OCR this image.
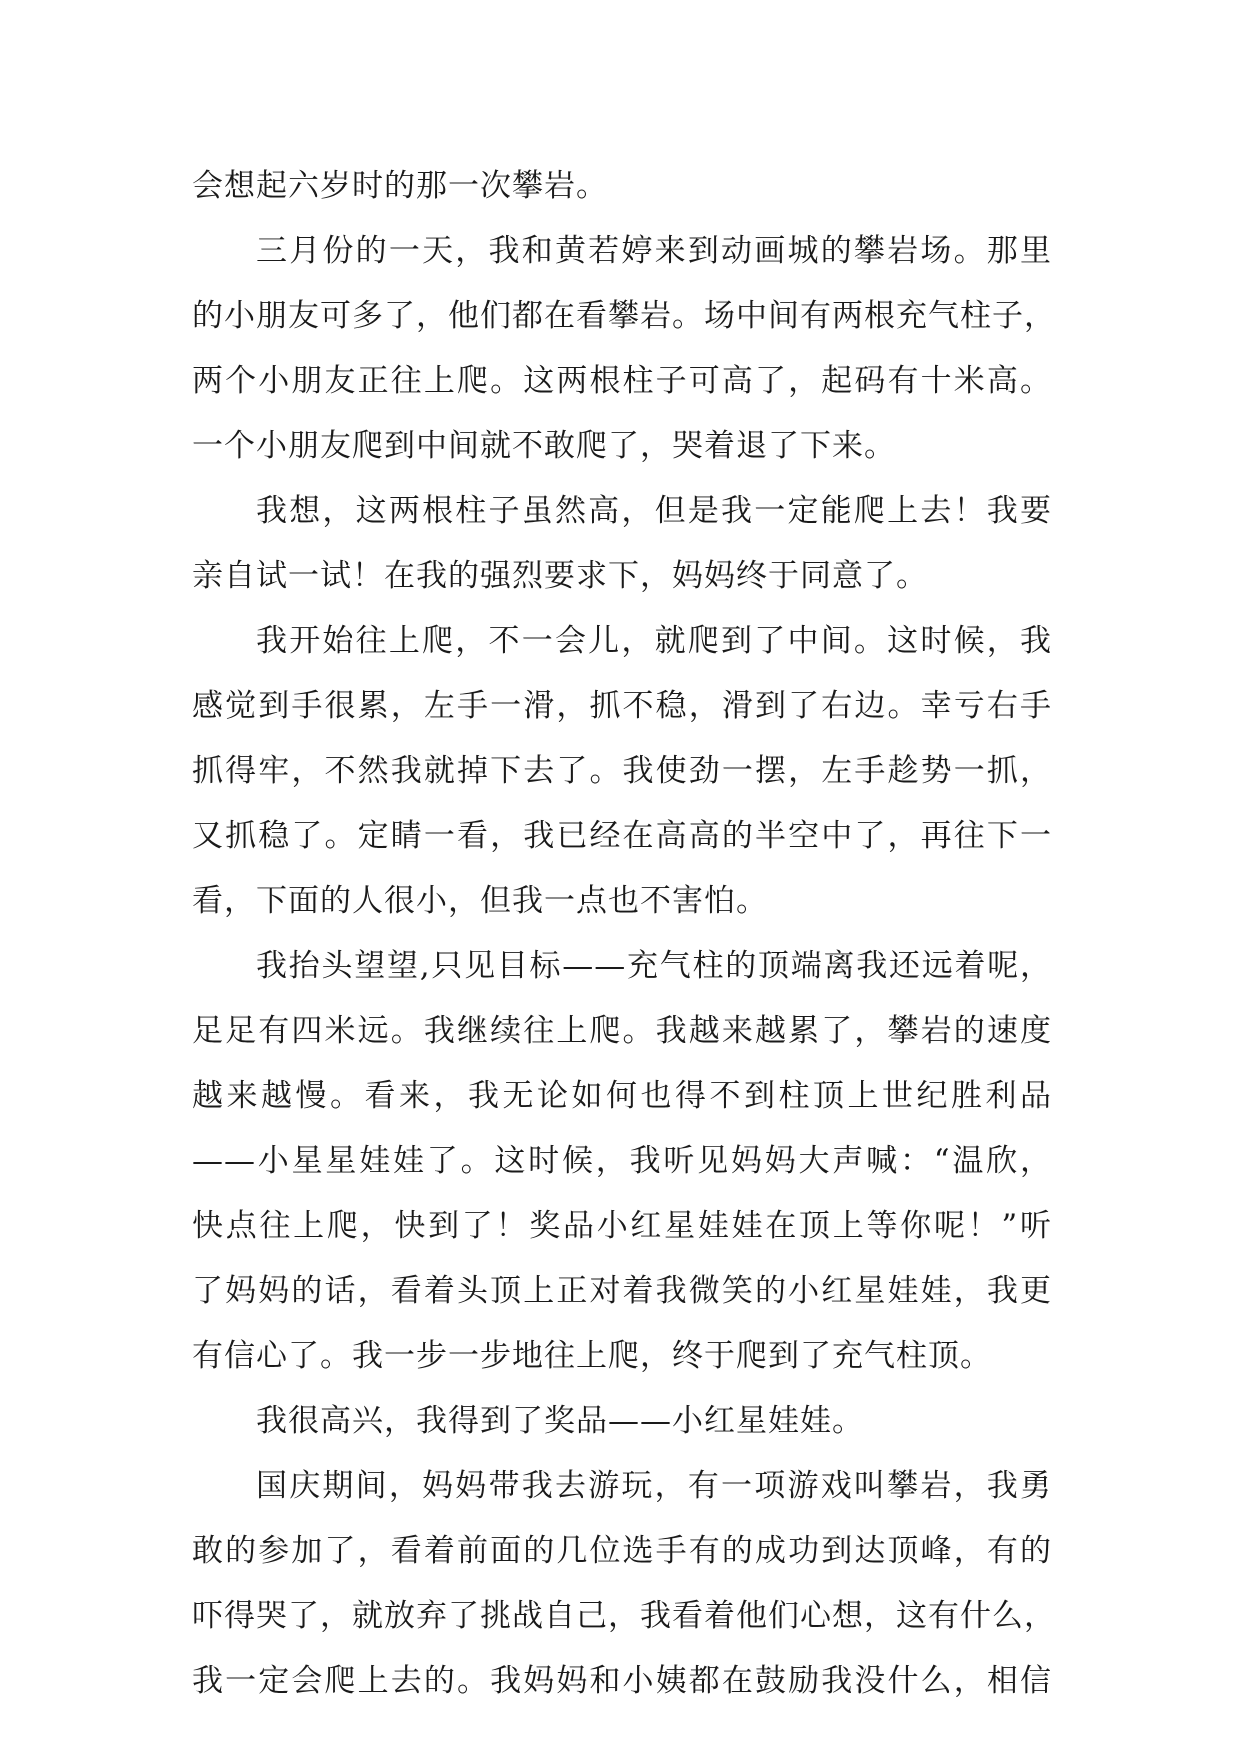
会想起六岁时的那一次攀岩。
三月份的一天，我和黄若婷来到动画城的攀岩场。那里
的小朋友可多了，他们都在看攀岩。场中间有两根充气柱子，
两个小朋友正往上爬。这两根柱子可高了，起码有十米高。
一个小朋友爬到中间就不敢爬了，哭着退了下来。
我想，这两根柱子虽然高，但是我一定能爬上去！我要
亲自试一试！在我的强烈要求下，妈妈终于同意了。
我开始往上爬，不一会儿，就爬到了中间。这时候，我
感觉到手很累，左手一滑，抓不稳，滑到了右边。幸亏右手
抓得牢，不然我就掉下去了。我使劲一摆，左手趁势一抓，
又抓稳了。定睛一看，我已经在高高的半空中了，再往下一
看，下面的人很小，但我一点也不害怕。
我抬头望望,只见目标——充气柱的顶端离我还远着呢，
足足有四米远。我继续往上爬。我越来越累了，攀岩的速度
越来越慢。看来，我无论如何也得不到柱顶上世纪胜利品
——小星星娃娃了。这时候，我听见妈妈大声喊：“温欣，
快点往上爬，快到了！奖品小红星娃娃在顶上等你呢！”听
了妈妈的话，看着头顶上正对着我微笑的小红星娃娃，我更
有信心了。我一步一步地往上爬，终于爬到了充气柱顶。
我很高兴，我得到了奖品——小红星娃娃。
国庆期间，妈妈带我去游玩，有一项游戏叫攀岩，我勇
敢的参加了，看着前面的几位选手有的成功到达顶峰，有的
吓得哭了，就放弃了挑战自己，我看着他们心想，这有什么，
我一定会爬上去的。我妈妈和小姨都在鼓励我没什么，相信
